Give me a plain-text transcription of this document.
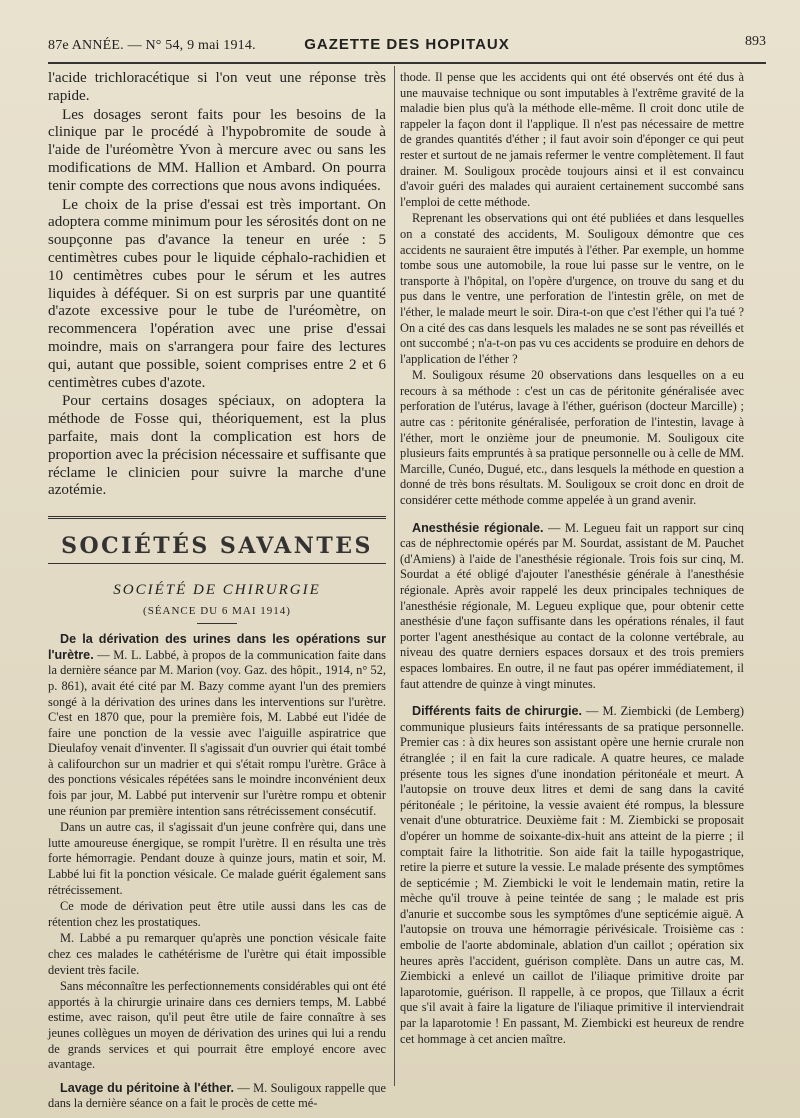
87e ANNÉE. — N° 54, 9 mai 1914.	GAZETTE DES HOPITAUX	893

l'acide trichloracétique si l'on veut une réponse très rapide.

Les dosages seront faits pour les besoins de la clinique par le procédé à l'hypobromite de soude à l'aide de l'uréomètre Yvon à mercure avec ou sans les modifications de MM. Hallion et Ambard. On pourra tenir compte des corrections que nous avons indiquées.

Le choix de la prise d'essai est très important. On adoptera comme minimum pour les sérosités dont on ne soupçonne pas d'avance la teneur en urée : 5 centimètres cubes pour le liquide céphalo-rachidien et 10 centimètres cubes pour le sérum et les autres liquides à déféquer. Si on est surpris par une quantité d'azote excessive pour le tube de l'uréomètre, on recommencera l'opération avec une prise d'essai moindre, mais on s'arrangera pour faire des lectures qui, autant que possible, soient comprises entre 2 et 6 centimètres cubes d'azote.

Pour certains dosages spéciaux, on adoptera la méthode de Fosse qui, théoriquement, est la plus parfaite, mais dont la complication est hors de proportion avec la précision nécessaire et suffisante que réclame le clinicien pour suivre la marche d'une azotémie.

SOCIÉTÉS SAVANTES
SOCIÉTÉ DE CHIRURGIE
(SÉANCE DU 6 MAI 1914)

De la dérivation des urines dans les opérations sur l'urètre. — M. L. Labbé, à propos de la communication faite dans la dernière séance par M. Marion (voy. Gaz. des hôpit., 1914, n° 52, p. 861), avait été cité par M. Bazy comme ayant l'un des premiers songé à la dérivation des urines dans les interventions sur l'urètre. C'est en 1870 que, pour la première fois, M. Labbé eut l'idée de faire une ponction de la vessie avec l'aiguille aspiratrice que Dieulafoy venait d'inventer. Il s'agissait d'un ouvrier qui était tombé à califourchon sur un madrier et qui s'était rompu l'urètre. Grâce à des ponctions vésicales répétées sans le moindre inconvénient deux fois par jour, M. Labbé put intervenir sur l'urètre rompu et obtenir une réunion par première intention sans rétrécissement consécutif.

Dans un autre cas, il s'agissait d'un jeune confrère qui, dans une lutte amoureuse énergique, se rompit l'urètre. Il en résulta une très forte hémorragie. Pendant douze à quinze jours, matin et soir, M. Labbé lui fit la ponction vésicale. Ce malade guérit également sans rétrécissement.

Ce mode de dérivation peut être utile aussi dans les cas de rétention chez les prostatiques.

M. Labbé a pu remarquer qu'après une ponction vésicale faite chez ces malades le cathétérisme de l'urètre qui était impossible devient très facile.

Sans méconnaître les perfectionnements considérables qui ont été apportés à la chirurgie urinaire dans ces derniers temps, M. Labbé estime, avec raison, qu'il peut être utile de faire connaître à ses jeunes collègues un moyen de dérivation des urines qui lui a rendu de grands services et qui pourrait être employé encore avec avantage.

Lavage du péritoine à l'éther. — M. Souligoux rappelle que dans la dernière séance on a fait le procès de cette mé-

thode. Il pense que les accidents qui ont été observés ont été dus à une mauvaise technique ou sont imputables à l'extrême gravité de la maladie bien plus qu'à la méthode elle-même. Il croit donc utile de rappeler la façon dont il l'applique. Il n'est pas nécessaire de mettre de grandes quantités d'éther ; il faut avoir soin d'éponger ce qui peut rester et surtout de ne jamais refermer le ventre complètement. Il faut drainer. M. Souligoux procède toujours ainsi et il est convaincu d'avoir guéri des malades qui auraient certainement succombé sans l'emploi de cette méthode.

Reprenant les observations qui ont été publiées et dans lesquelles on a constaté des accidents, M. Souligoux démontre que ces accidents ne sauraient être imputés à l'éther. Par exemple, un homme tombe sous une automobile, la roue lui passe sur le ventre, on le transporte à l'hôpital, on l'opère d'urgence, on trouve du sang et du pus dans le ventre, une perforation de l'intestin grêle, on met de l'éther, le malade meurt le soir. Dira-t-on que c'est l'éther qui l'a tué ? On a cité des cas dans lesquels les malades ne se sont pas réveillés et ont succombé ; n'a-t-on pas vu ces accidents se produire en dehors de l'application de l'éther ?

M. Souligoux résume 20 observations dans lesquelles on a eu recours à sa méthode : c'est un cas de péritonite généralisée avec perforation de l'utérus, lavage à l'éther, guérison (docteur Marcille) ; autre cas : péritonite généralisée, perforation de l'intestin, lavage à l'éther, mort le onzième jour de pneumonie. M. Souligoux cite plusieurs faits empruntés à sa pratique personnelle ou à celle de MM. Marcille, Cunéo, Dugué, etc., dans lesquels la méthode en question a donné de très bons résultats. M. Souligoux se croit donc en droit de considérer cette méthode comme appelée à un grand avenir.

Anesthésie régionale. — M. Legueu fait un rapport sur cinq cas de néphrectomie opérés par M. Sourdat, assistant de M. Pauchet (d'Amiens) à l'aide de l'anesthésie régionale. Trois fois sur cinq, M. Sourdat a été obligé d'ajouter l'anesthésie générale à l'anesthésie régionale. Après avoir rappelé les deux principales techniques de l'anesthésie régionale, M. Legueu explique que, pour obtenir cette anesthésie d'une façon suffisante dans les opérations rénales, il faut porter l'agent anesthésique au contact de la colonne vertébrale, au niveau des quatre derniers espaces dorsaux et des trois premiers espaces lombaires. En outre, il ne faut pas opérer immédiatement, il faut attendre de quinze à vingt minutes.

Différents faits de chirurgie. — M. Ziembicki (de Lemberg) communique plusieurs faits intéressants de sa pratique personnelle. Premier cas : à dix heures son assistant opère une hernie crurale non étranglée ; il en fait la cure radicale. A quatre heures, ce malade présente tous les signes d'une inondation péritonéale et meurt. A l'autopsie on trouve deux litres et demi de sang dans la cavité péritonéale ; le péritoine, la vessie avaient été rompus, la blessure venait d'une obturatrice. Deuxième fait : M. Ziembicki se proposait d'opérer un homme de soixante-dix-huit ans atteint de la pierre ; il comptait faire la lithotritie. Son aide fait la taille hypogastrique, retire la pierre et suture la vessie. Le malade présente des symptômes de septicémie ; M. Ziembicki le voit le lendemain matin, retire la mèche qu'il trouve à peine teintée de sang ; le malade est pris d'anurie et succombe sous les symptômes d'une septicémie aiguë. A l'autopsie on trouva une hémorragie périvésicale. Troisième cas : embolie de l'aorte abdominale, ablation d'un caillot ; opération six heures après l'accident, guérison complète. Dans un autre cas, M. Ziembicki a enlevé un caillot de l'iliaque primitive droite par laparotomie, guérison. Il rappelle, à ce propos, que Tillaux a écrit que s'il avait à faire la ligature de l'iliaque primitive il interviendrait par la laparotomie ! En passant, M. Ziembicki est heureux de rendre cet hommage à cet ancien maître.
